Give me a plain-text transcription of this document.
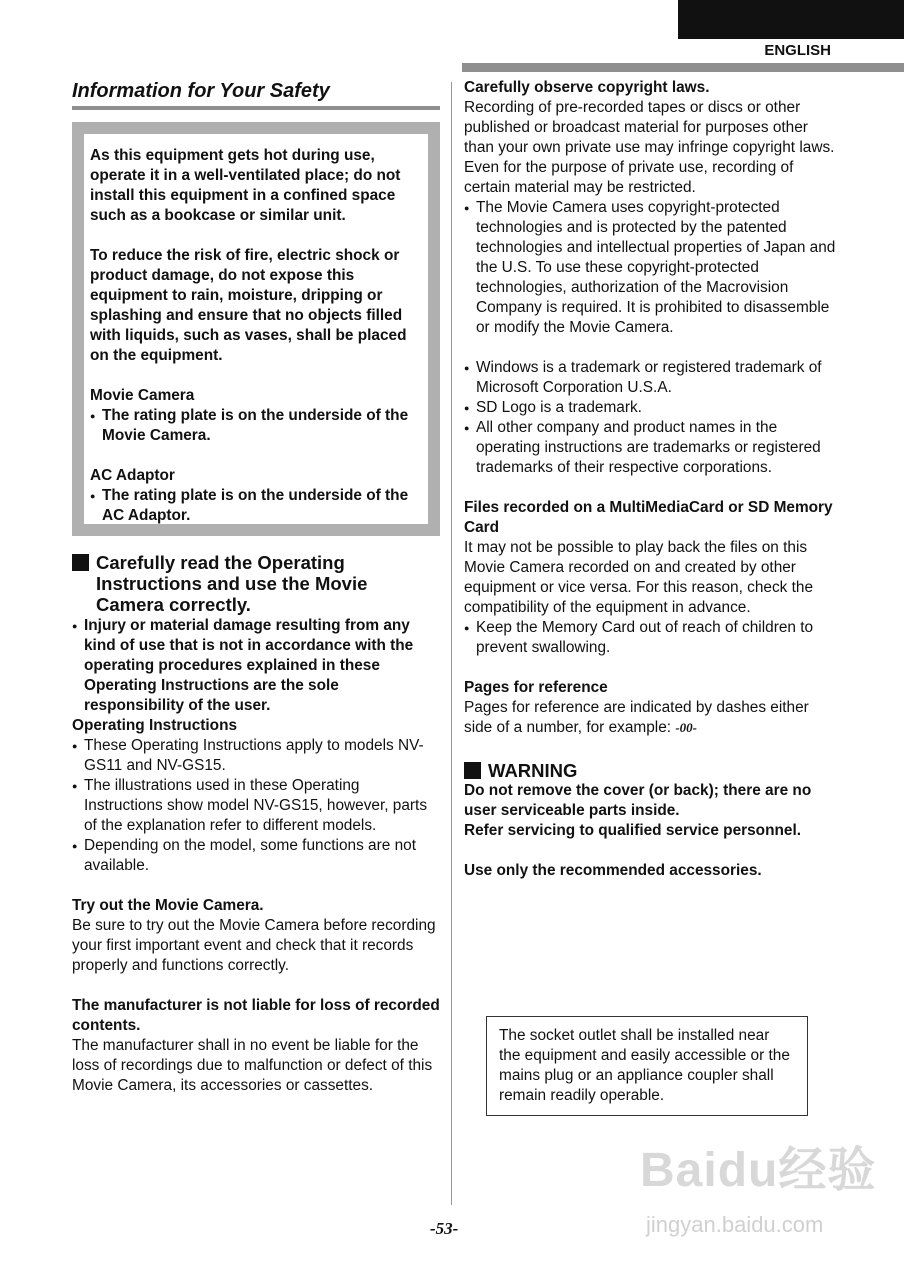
ENGLISH
Information for Your Safety

As this equipment gets hot during use, operate it in a well-ventilated place; do not install this equipment in a confined space such as a bookcase or similar unit.

To reduce the risk of fire, electric shock or product damage, do not expose this equipment to rain, moisture, dripping or splashing and ensure that no objects filled with liquids, such as vases, shall be placed on the equipment.

Movie Camera
● The rating plate is on the underside of the Movie Camera.
AC Adaptor
● The rating plate is on the underside of the AC Adaptor.
Carefully read the Operating Instructions and use the Movie Camera correctly.
● Injury or material damage resulting from any kind of use that is not in accordance with the operating procedures explained in these Operating Instructions are the sole responsibility of the user.

Operating Instructions

● These Operating Instructions apply to models NV-GS11 and NV-GS15.
● The illustrations used in these Operating Instructions show model NV-GS15, however, parts of the explanation refer to different models.
● Depending on the model, some functions are not available.

Try out the Movie Camera.

Be sure to try out the Movie Camera before recording your first important event and check that it records properly and functions correctly.

The manufacturer is not liable for loss of recorded contents.

The manufacturer shall in no event be liable for the loss of recordings due to malfunction or defect of this Movie Camera, its accessories or cassettes.

Carefully observe copyright laws.

Recording of pre-recorded tapes or discs or other published or broadcast material for purposes other than your own private use may infringe copyright laws. Even for the purpose of private use, recording of certain material may be restricted.

● The Movie Camera uses copyright-protected technologies and is protected by the patented technologies and intellectual properties of Japan and the U.S. To use these copyright-protected technologies, authorization of the Macrovision Company is required. It is prohibited to disassemble or modify the Movie Camera.
● Windows is a trademark or registered trademark of Microsoft Corporation U.S.A.
● SD Logo is a trademark.
● All other company and product names in the operating instructions are trademarks or registered trademarks of their respective corporations.

Files recorded on a MultiMediaCard or SD Memory Card

It may not be possible to play back the files on this Movie Camera recorded on and created by other equipment or vice versa. For this reason, check the compatibility of the equipment in advance.

● Keep the Memory Card out of reach of children to prevent swallowing.

Pages for reference

Pages for reference are indicated by dashes either side of a number, for example: -00-

WARNING

Do not remove the cover (or back); there are no user serviceable parts inside.

Refer servicing to qualified service personnel.

Use only the recommended accessories.

The socket outlet shall be installed near the equipment and easily accessible or the mains plug or an appliance coupler shall remain readily operable.
Baidu经验
jingyan.baidu.com
-53-
